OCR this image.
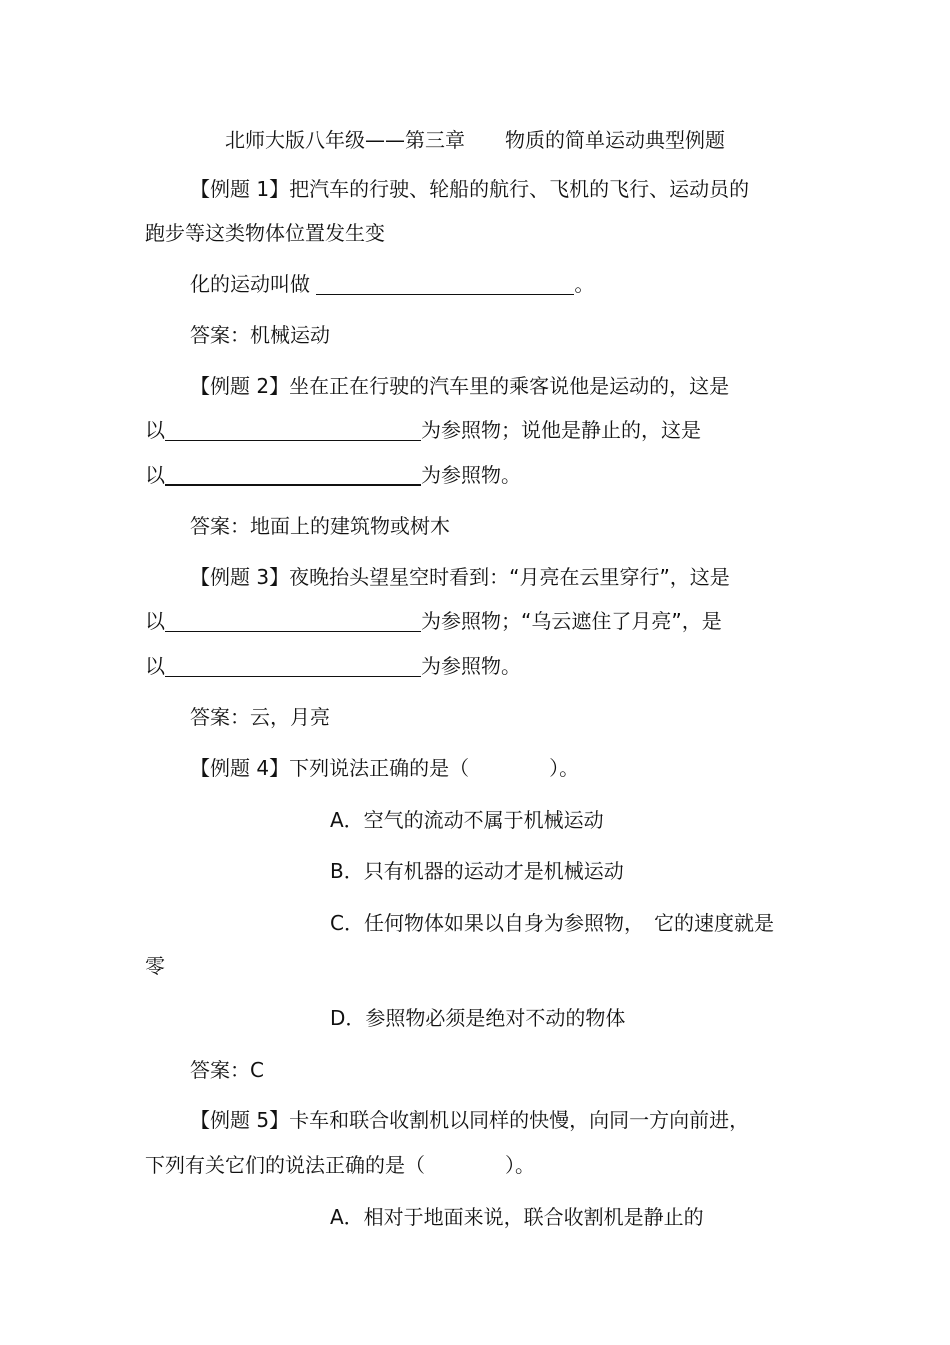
北师大版八年级——第三章　　物质的简单运动典型例题
【例题 1】把汽车的行驶、轮船的航行、飞机的飞行、运动员的
跑步等这类物体位置发生变
化的运动叫做	。
答案：机械运动
【例题 2】坐在正在行驶的汽车里的乘客说他是运动的，这是
以	为参照物；说他是静止的，这是
以	为参照物。
答案：地面上的建筑物或树木
【例题 3】夜晚抬头望星空时看到：“月亮在云里穿行”，这是
以	为参照物；“乌云遮住了月亮”，是
以	为参照物。
答案：云，月亮
【例题 4】下列说法正确的是（　　　　）。
A．空气的流动不属于机械运动
B．只有机器的运动才是机械运动
C．任何物体如果以自身为参照物，　它的速度就是
零
D．参照物必须是绝对不动的物体
答案：C
【例题 5】卡车和联合收割机以同样的快慢，向同一方向前进，
下列有关它们的说法正确的是（　　　　）。
A．相对于地面来说，联合收割机是静止的
